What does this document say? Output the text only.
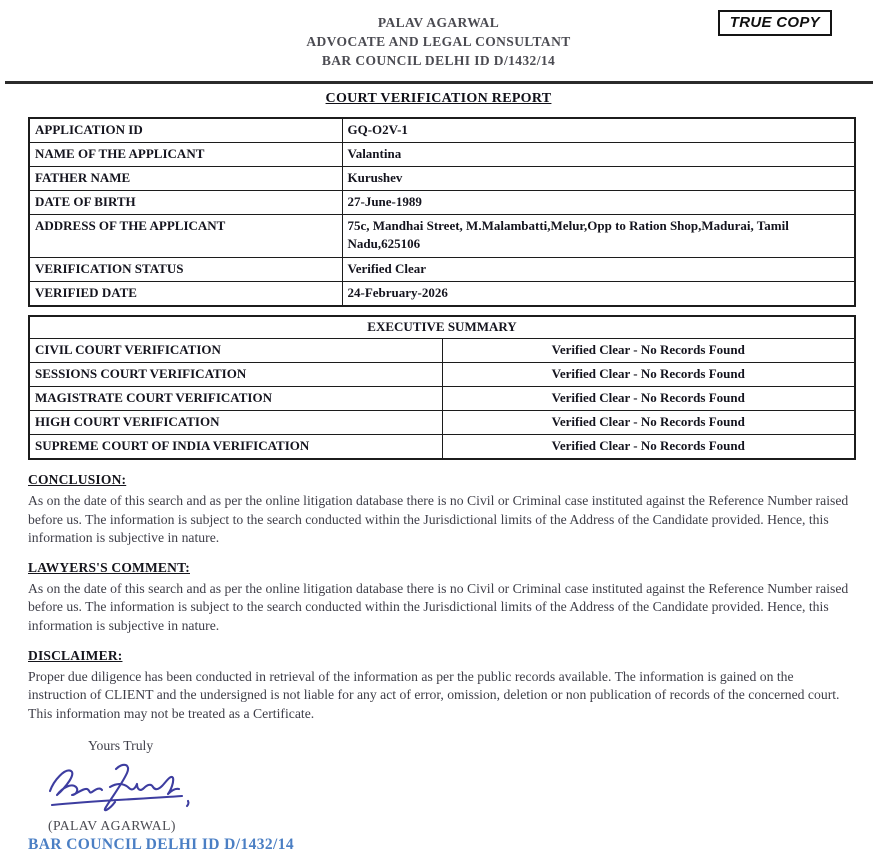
TRUE COPY
PALAV AGARWAL
ADVOCATE AND LEGAL CONSULTANT
BAR COUNCIL DELHI ID D/1432/14
COURT VERIFICATION REPORT
APPLICATION ID	GQ-O2V-1
NAME OF THE APPLICANT	Valantina
FATHER NAME	Kurushev
DATE OF BIRTH	27-June-1989
ADDRESS OF THE APPLICANT	75c, Mandhai Street, M.Malambatti,Melur,Opp to Ration Shop,Madurai, Tamil Nadu,625106
VERIFICATION STATUS	Verified Clear
VERIFIED DATE	24-February-2026
EXECUTIVE SUMMARY	
CIVIL COURT VERIFICATION	Verified Clear - No Records Found
SESSIONS COURT VERIFICATION	Verified Clear - No Records Found
MAGISTRATE COURT VERIFICATION	Verified Clear - No Records Found
HIGH COURT VERIFICATION	Verified Clear - No Records Found
SUPREME COURT OF INDIA VERIFICATION	Verified Clear - No Records Found
CONCLUSION:

As on the date of this search and as per the online litigation database there is no Civil or Criminal case instituted against the Reference Number raised before us. The information is subject to the search conducted within the Jurisdictional limits of the Address of the Candidate provided. Hence, this information is subjective in nature.

LAWYERS'S COMMENT:

As on the date of this search and as per the online litigation database there is no Civil or Criminal case instituted against the Reference Number raised before us. The information is subject to the search conducted within the Jurisdictional limits of the Address of the Candidate provided. Hence, this information is subjective in nature.

DISCLAIMER:

Proper due diligence has been conducted in retrieval of the information as per the public records available. The information is gained on the instruction of CLIENT and the undersigned is not liable for any act of error, omission, deletion or non publication of records of the concerned court. This information may not be treated as a Certificate.

Yours Truly
(PALAV AGARWAL)
BAR COUNCIL DELHI ID D/1432/14
